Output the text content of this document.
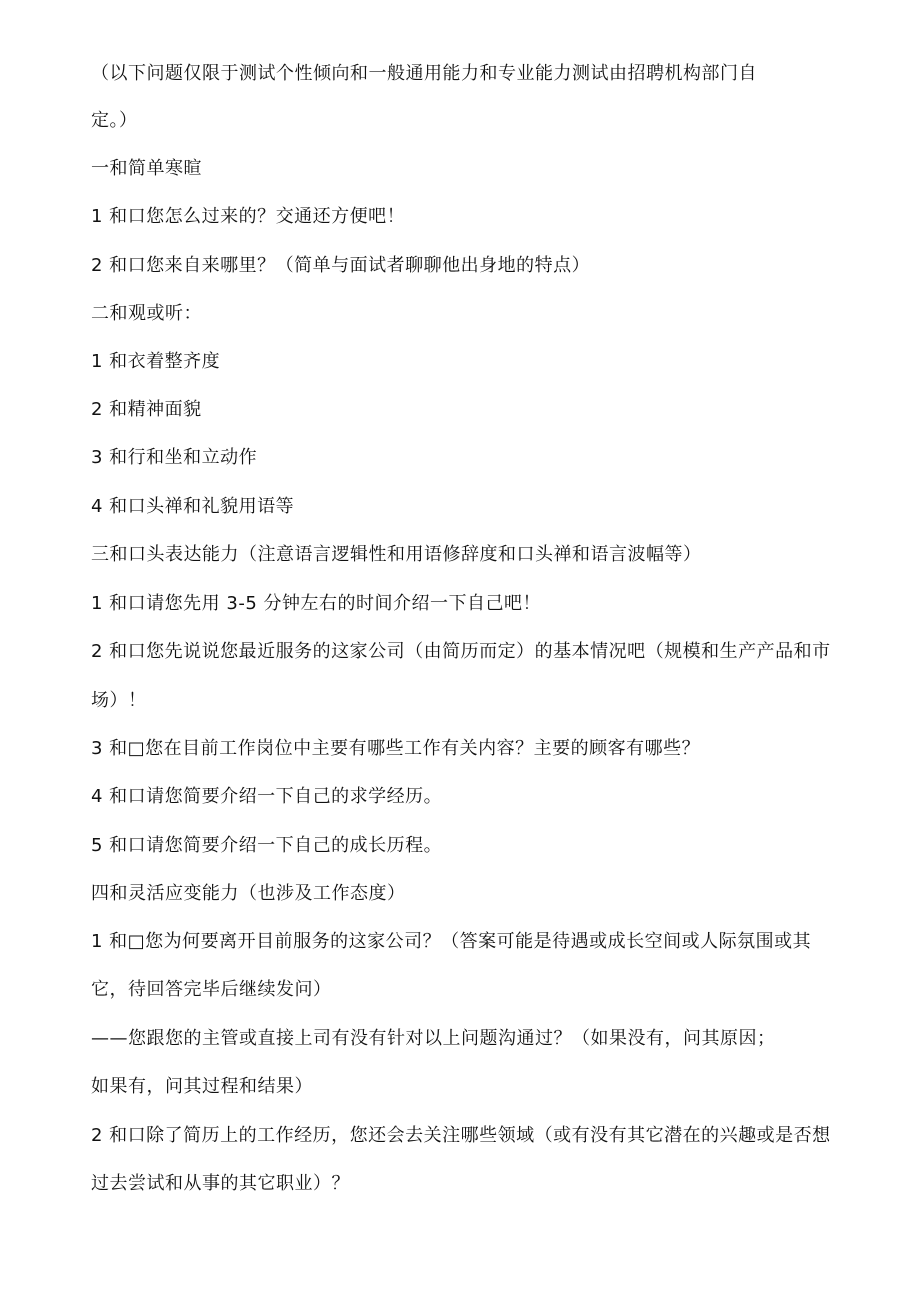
（以下问题仅限于测试个性倾向和一般通用能力和专业能力测试由招聘机构部门自
定。）
一和简单寒暄
1 和口您怎么过来的？交通还方便吧！
2 和口您来自来哪里？（简单与面试者聊聊他出身地的特点）
二和观或听：
1 和衣着整齐度
2 和精神面貌
3 和行和坐和立动作
4 和口头禅和礼貌用语等
三和口头表达能力（注意语言逻辑性和用语修辞度和口头禅和语言波幅等）
1 和口请您先用 3-5 分钟左右的时间介绍一下自己吧！
2 和口您先说说您最近服务的这家公司（由简历而定）的基本情况吧（规模和生产产品和市
场）！
3 和□您在目前工作岗位中主要有哪些工作有关内容？主要的顾客有哪些？
4 和口请您简要介绍一下自己的求学经历。
5 和口请您简要介绍一下自己的成长历程。
四和灵活应变能力（也涉及工作态度）
1 和□您为何要离开目前服务的这家公司？（答案可能是待遇或成长空间或人际氛围或其
它，待回答完毕后继续发问）
——您跟您的主管或直接上司有没有针对以上问题沟通过？（如果没有，问其原因；
如果有，问其过程和结果）
2 和口除了简历上的工作经历，您还会去关注哪些领域（或有没有其它潜在的兴趣或是否想
过去尝试和从事的其它职业）？
